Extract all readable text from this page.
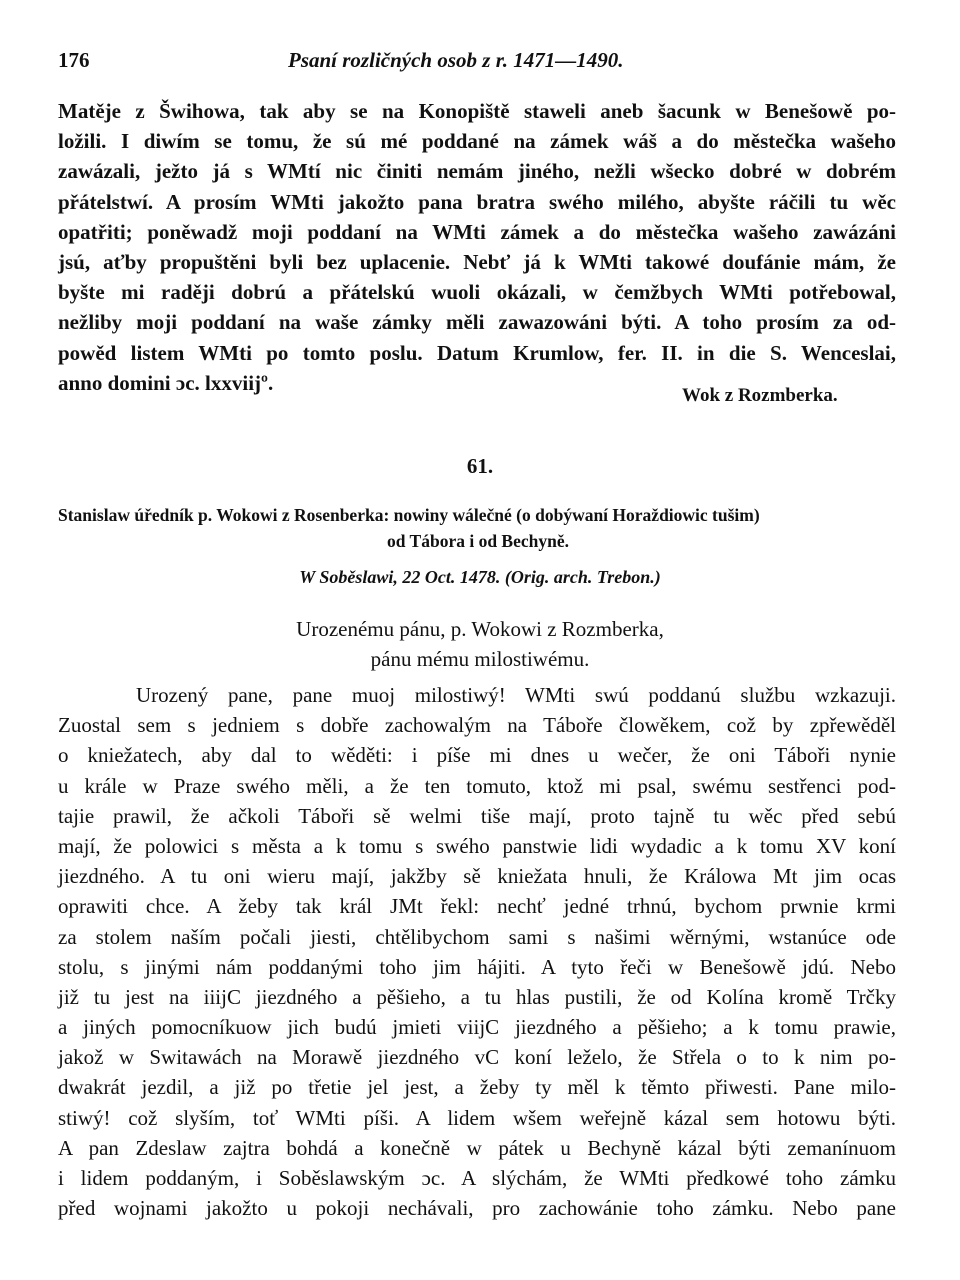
176	Psaní rozličných osob z r. 1471—1490.
Matěje z Šwihowa, tak aby se na Konopiště staweli aneb šacunk w Benešowě po-
ložili. I diwím se tomu, že sú mé poddané na zámek wáš a do městečka wašeho
zawázali, ježto já s WMtí nic činiti nemám jiného, nežli wšecko dobré w dobrém
přátelstwí. A prosím WMti jakožto pana bratra swého milého, abyšte ráčili tu wěc
opatřiti; poněwadž moji poddaní na WMti zámek a do městečka wašeho zawázáni
jsú, aťby propuštěni byli bez uplacenie. Nebť já k WMti takowé doufánie mám, že
byšte mi raději dobrú a přátelskú wuoli okázali, w čemžbych WMti potřebowal,
nežliby moji poddaní na waše zámky měli zawazowáni býti. A toho prosím za od-
powěd listem WMti po tomto poslu. Datum Krumlow, fer. II. in die S. Wenceslai,
anno domini ɔc. lxxviijº.
Wok z Rozmberka.
61.
Stanislaw úředník p. Wokowi z Rosenberka: nowiny wálečné (o dobýwaní Horaždiowic tušim)
od Tábora i od Bechyně.
W Soběslawi, 22 Oct. 1478. (Orig. arch. Trebon.)
Urozenému pánu, p. Wokowi z Rozmberka,
pánu mému milostiwému.
Urozený pane, pane muoj milostiwý! WMti swú poddanú službu wzkazuji.
Zuostal sem s jedniem s dobře zachowalým na Táboře člowěkem, což by zpřewěděl
o kniežatech, aby dal to wěděti: i píše mi dnes u wečer, že oni Táboři nynie
u krále w Praze swého měli, a že ten tomuto, ktož mi psal, swému sestřenci pod-
tajie prawil, že ačkoli Táboři sě welmi tiše mají, proto tajně tu wěc před sebú
mají, že polowici s města a k tomu s swého panstwie lidi wydadic a k tomu XV koní
jiezdného. A tu oni wieru mají, jakžby sě kniežata hnuli, že Králowa Mt jim ocas
oprawiti chce. A žeby tak král JMt řekl: nechť jedné trhnú, bychom prwnie krmi
za stolem naším počali jiesti, chtělibychom sami s našimi wěrnými, wstanúce ode
stolu, s jinými nám poddanými toho jim hájiti. A tyto řeči w Benešowě jdú. Nebo
již tu jest na iiijC jiezdného a pěšieho, a tu hlas pustili, že od Kolína kromě Trčky
a jiných pomocníkuow jich budú jmieti viijC jiezdného a pěšieho; a k tomu prawie,
jakož w Switawách na Morawě jiezdného vC koní leželo, že Střela o to k nim po-
dwakrát jezdil, a již po třetie jel jest, a žeby ty měl k těmto přiwesti. Pane milo-
stiwý! což slyším, toť WMti píši. A lidem wšem weřejně kázal sem hotowu býti.
A pan Zdeslaw zajtra bohdá a konečně w pátek u Bechyně kázal býti zemanínuom
i lidem poddaným, i Soběslawským ɔc. A slýchám, že WMti předkowé toho zámku
před wojnami jakožto u pokoji nechávali, pro zachowánie toho zámku. Nebo pane
